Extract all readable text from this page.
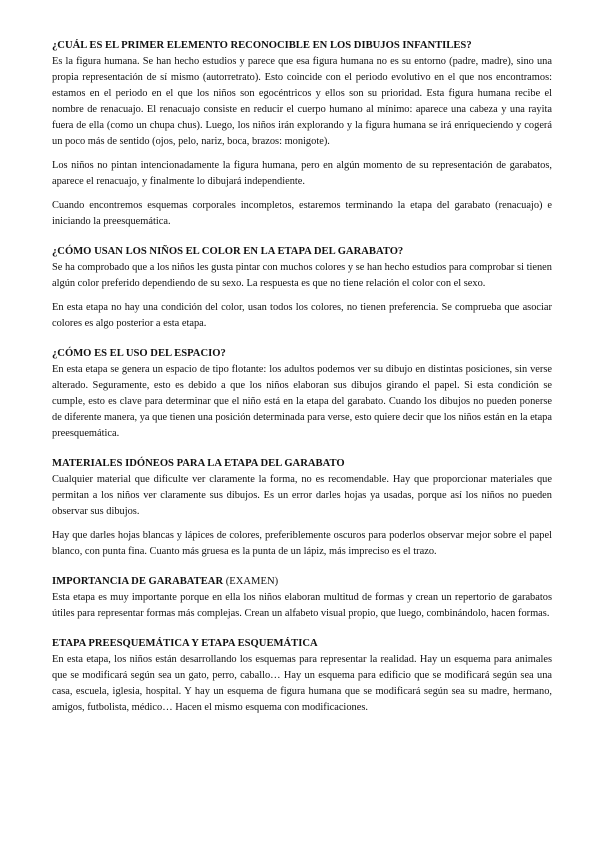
¿CUÁL ES EL PRIMER ELEMENTO RECONOCIBLE EN LOS DIBUJOS INFANTILES?

Es la figura humana. Se han hecho estudios y parece que esa figura humana no es su entorno (padre, madre), sino una propia representación de sí mismo (autorretrato). Esto coincide con el periodo evolutivo en el que nos encontramos: estamos en el periodo en el que los niños son egocéntricos y ellos son su prioridad. Esta figura humana recibe el nombre de renacuajo. El renacuajo consiste en reducir el cuerpo humano al mínimo: aparece una cabeza y una rayita fuera de ella (como un chupa chus). Luego, los niños irán explorando y la figura humana se irá enriqueciendo y cogerá un poco más de sentido (ojos, pelo, nariz, boca, brazos: monigote).

Los niños no pintan intencionadamente la figura humana, pero en algún momento de su representación de garabatos, aparece el renacuajo, y finalmente lo dibujará independiente.

Cuando encontremos esquemas corporales incompletos, estaremos terminando la etapa del garabato (renacuajo) e iniciando la preesquemática.

¿CÓMO USAN LOS NIÑOS EL COLOR EN LA ETAPA DEL GARABATO?

Se ha comprobado que a los niños les gusta pintar con muchos colores y se han hecho estudios para comprobar si tienen algún color preferido dependiendo de su sexo. La respuesta es que no tiene relación el color con el sexo.

En esta etapa no hay una condición del color, usan todos los colores, no tienen preferencia. Se comprueba que asociar colores es algo posterior a esta etapa.

¿CÓMO ES EL USO DEL ESPACIO?

En esta etapa se genera un espacio de tipo flotante: los adultos podemos ver su dibujo en distintas posiciones, sin verse alterado. Seguramente, esto es debido a que los niños elaboran sus dibujos girando el papel. Si esta condición se cumple, esto es clave para determinar que el niño está en la etapa del garabato. Cuando los dibujos no pueden ponerse de diferente manera, ya que tienen una posición determinada para verse, esto quiere decir que los niños están en la etapa preesquemática.

MATERIALES IDÓNEOS PARA LA ETAPA DEL GARABATO

Cualquier material que dificulte ver claramente la forma, no es recomendable. Hay que proporcionar materiales que permitan a los niños ver claramente sus dibujos. Es un error darles hojas ya usadas, porque así los niños no pueden observar sus dibujos.

Hay que darles hojas blancas y lápices de colores, preferiblemente oscuros para poderlos observar mejor sobre el papel blanco, con punta fina. Cuanto más gruesa es la punta de un lápiz, más impreciso es el trazo.

IMPORTANCIA DE GARABATEAR (EXAMEN)

Esta etapa es muy importante porque en ella los niños elaboran multitud de formas y crean un repertorio de garabatos útiles para representar formas más complejas. Crean un alfabeto visual propio, que luego, combinándolo, hacen formas.

ETAPA PREESQUEMÁTICA Y ETAPA ESQUEMÁTICA

En esta etapa, los niños están desarrollando los esquemas para representar la realidad. Hay un esquema para animales que se modificará según sea un gato, perro, caballo… Hay un esquema para edificio que se modificará según sea una casa, escuela, iglesia, hospital. Y hay un esquema de figura humana que se modificará según sea su madre, hermano, amigos, futbolista, médico… Hacen el mismo esquema con modificaciones.
